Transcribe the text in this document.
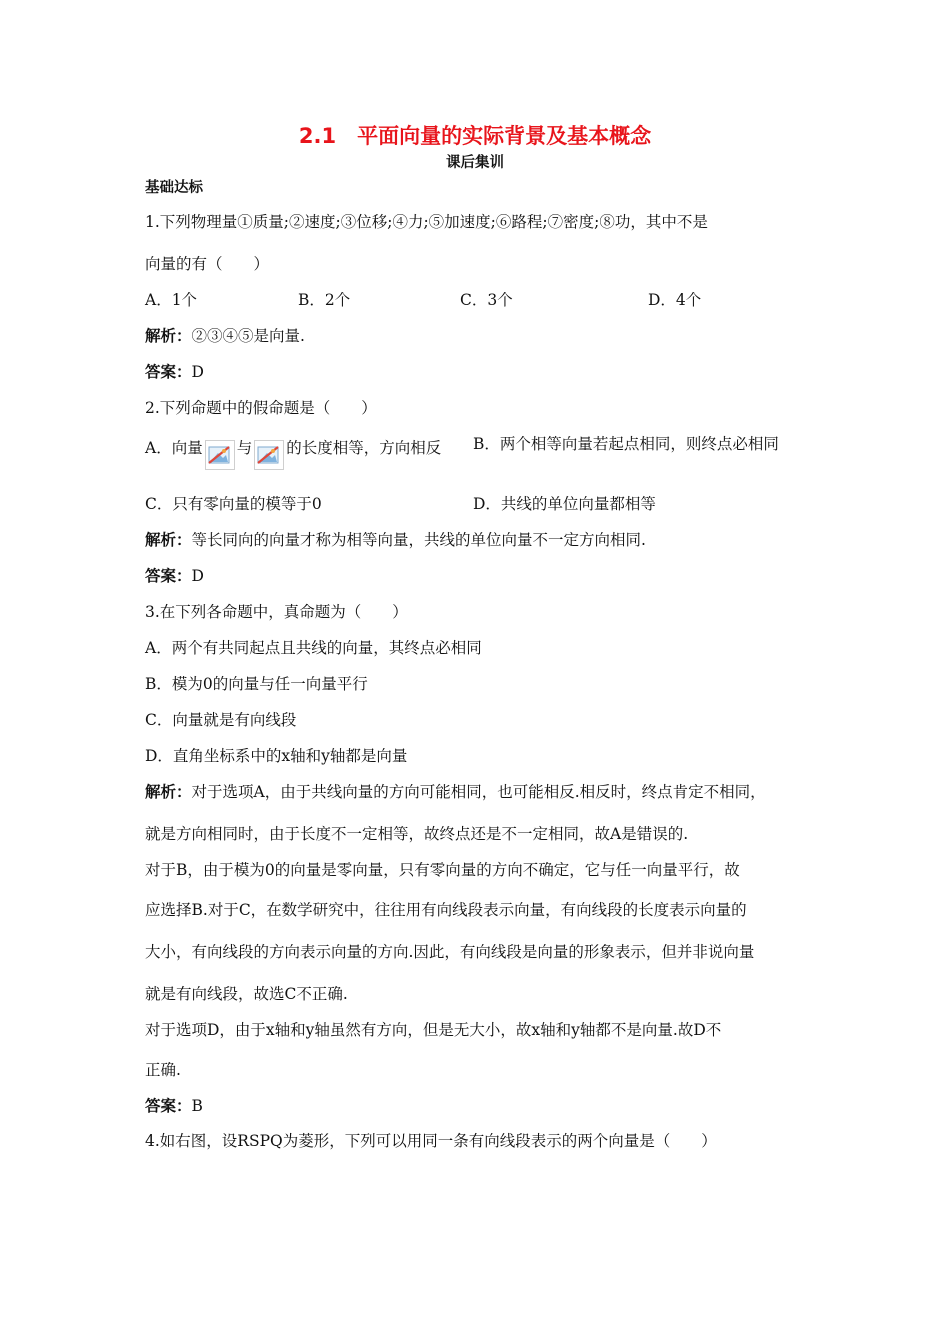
2.1　平面向量的实际背景及基本概念
课后集训
基础达标
1.下列物理量①质量;②速度;③位移;④力;⑤加速度;⑥路程;⑦密度;⑧功，其中不是
向量的有（　　）
A．1个	B．2个	C．3个	D．4个
解析：②③④⑤是向量.
答案：D
2.下列命题中的假命题是（　　）
A．向量 与 的长度相等，方向相反 B．两个相等向量若起点相同，则终点必相同
C．只有零向量的模等于0	D．共线的单位向量都相等
解析：等长同向的向量才称为相等向量，共线的单位向量不一定方向相同.
答案：D
3.在下列各命题中，真命题为（　　）
A．两个有共同起点且共线的向量，其终点必相同
B．模为0的向量与任一向量平行
C．向量就是有向线段
D．直角坐标系中的x轴和y轴都是向量
解析：对于选项A，由于共线向量的方向可能相同，也可能相反.相反时，终点肯定不相同，
就是方向相同时，由于长度不一定相等，故终点还是不一定相同，故A是错误的.
对于B，由于模为0的向量是零向量，只有零向量的方向不确定，它与任一向量平行，故
应选择B.对于C，在数学研究中，往往用有向线段表示向量，有向线段的长度表示向量的
大小，有向线段的方向表示向量的方向.因此，有向线段是向量的形象表示，但并非说向量
就是有向线段，故选C不正确.
对于选项D，由于x轴和y轴虽然有方向，但是无大小，故x轴和y轴都不是向量.故D不
正确.
答案：B
4.如右图，设RSPQ为菱形，下列可以用同一条有向线段表示的两个向量是（　　）
